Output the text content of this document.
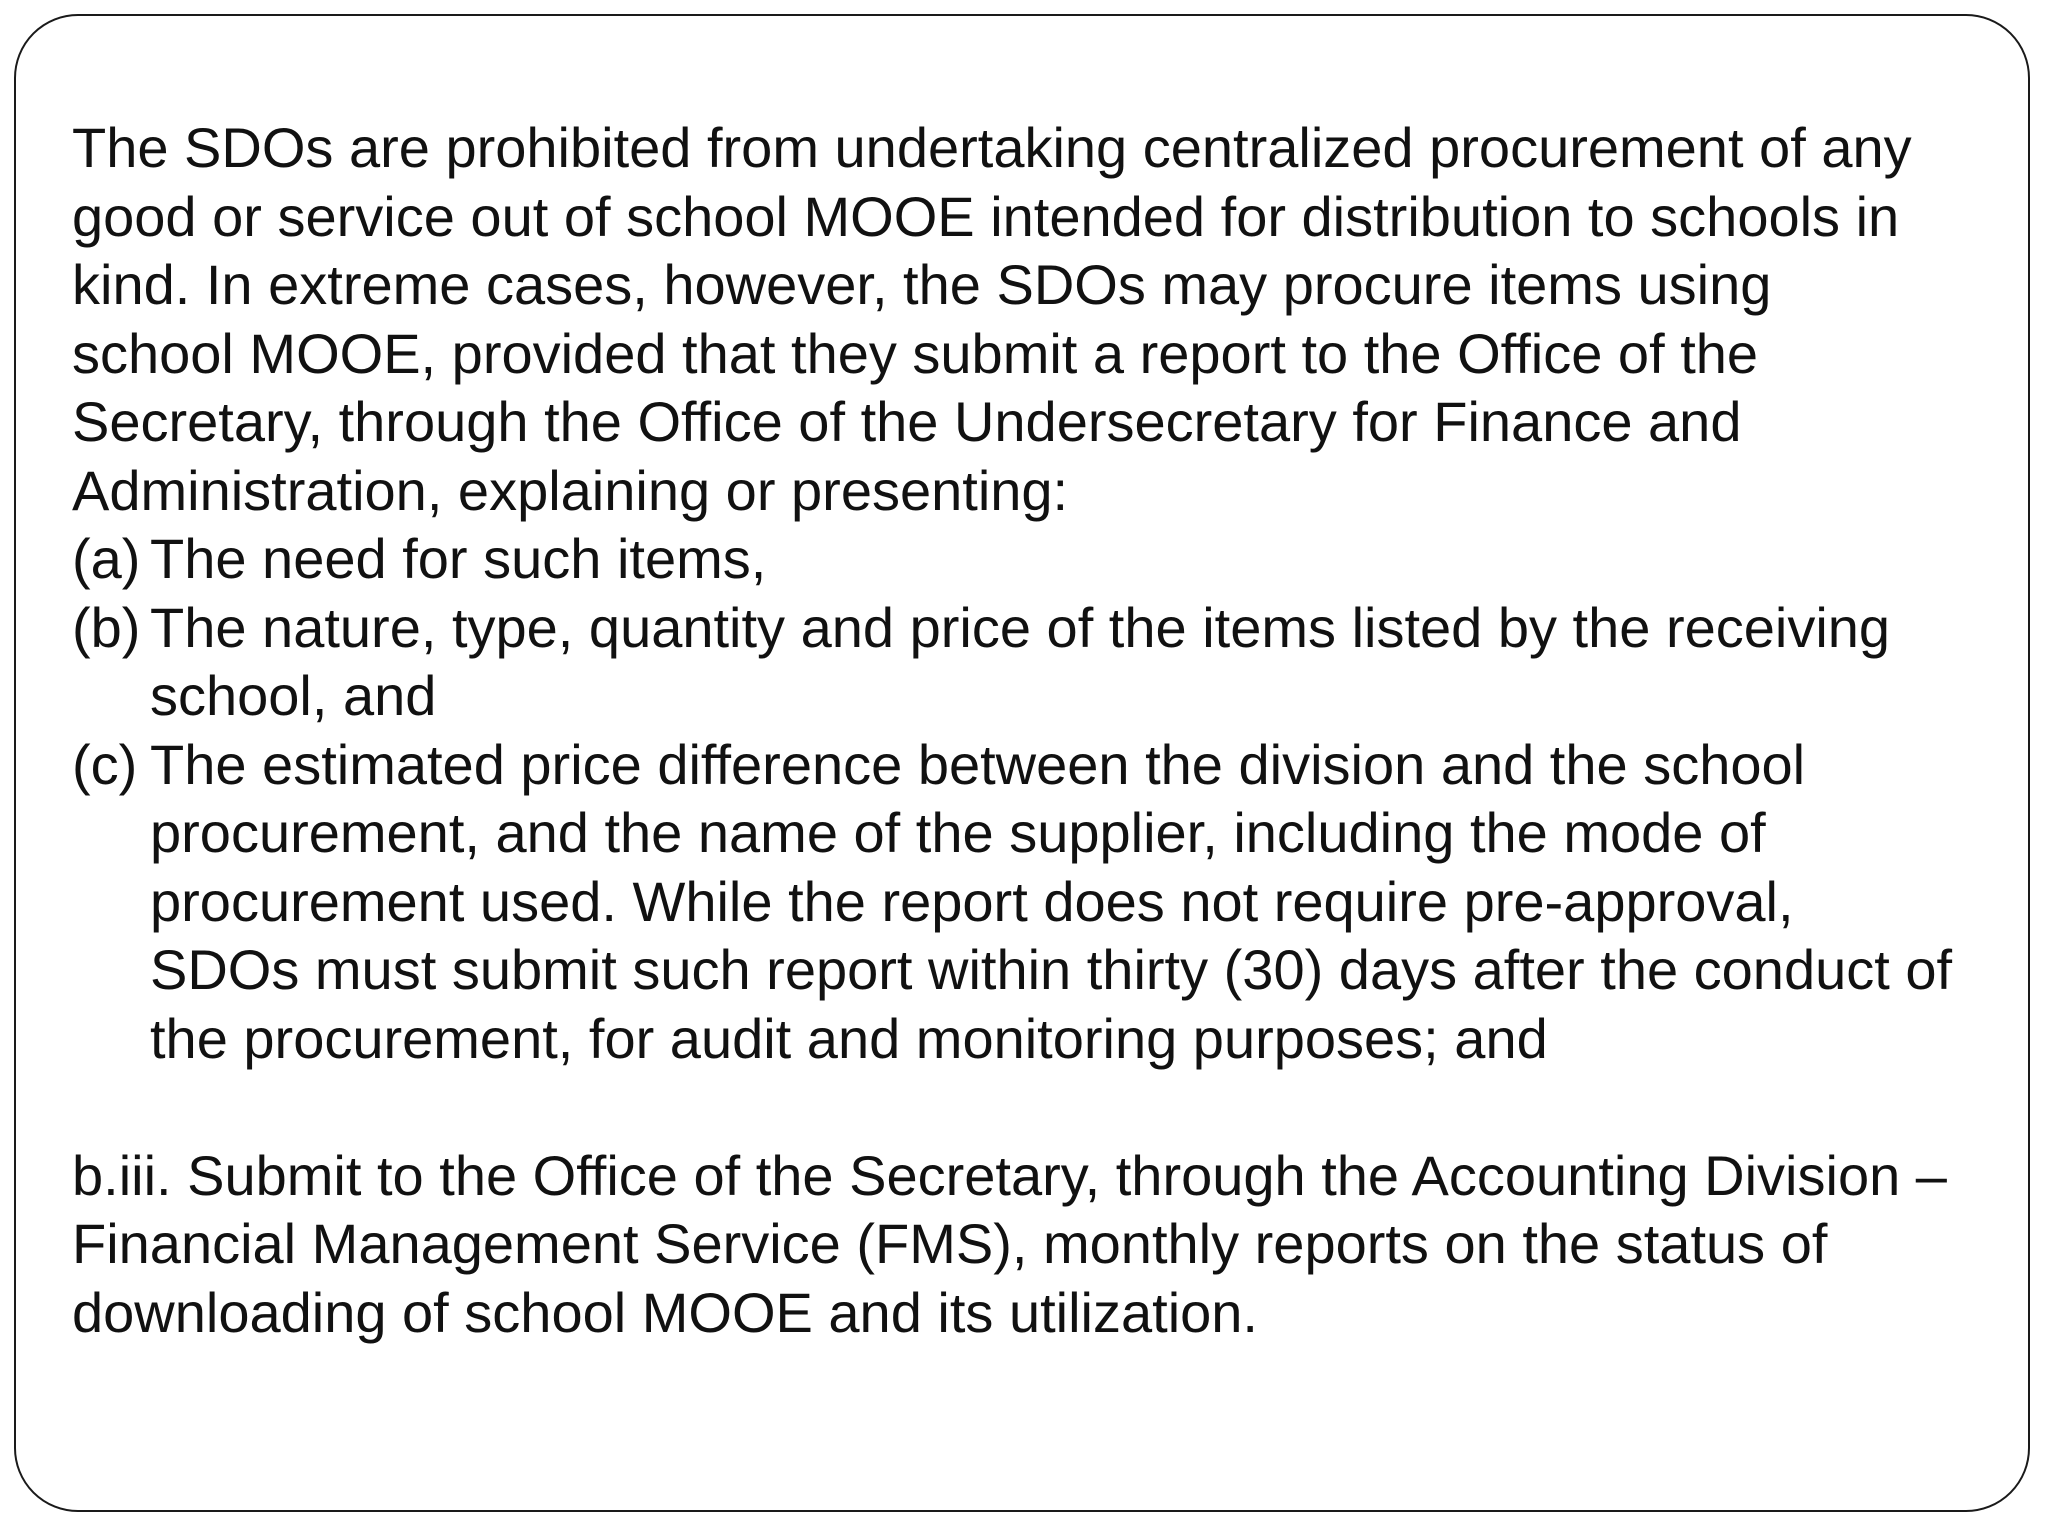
The SDOs are prohibited from undertaking centralized procurement of any
good or service out of school MOOE intended for distribution to schools in
kind. In extreme cases, however, the SDOs may procure items using
school MOOE, provided that they submit a report to the Office of the
Secretary, through the Office of the Undersecretary for Finance and
Administration, explaining or presenting:

(a) The need for such items,
(b) The nature, type, quantity and price of the items listed by the receiving
school, and
(c) The estimated price difference between the division and the school
procurement, and the name of the supplier, including the mode of
procurement used. While the report does not require pre-approval,
SDOs must submit such report within thirty (30) days after the conduct of
the procurement, for audit and monitoring purposes; and

b.iii. Submit to the Office of the Secretary, through the Accounting Division –
Financial Management Service (FMS), monthly reports on the status of
downloading of school MOOE and its utilization.
